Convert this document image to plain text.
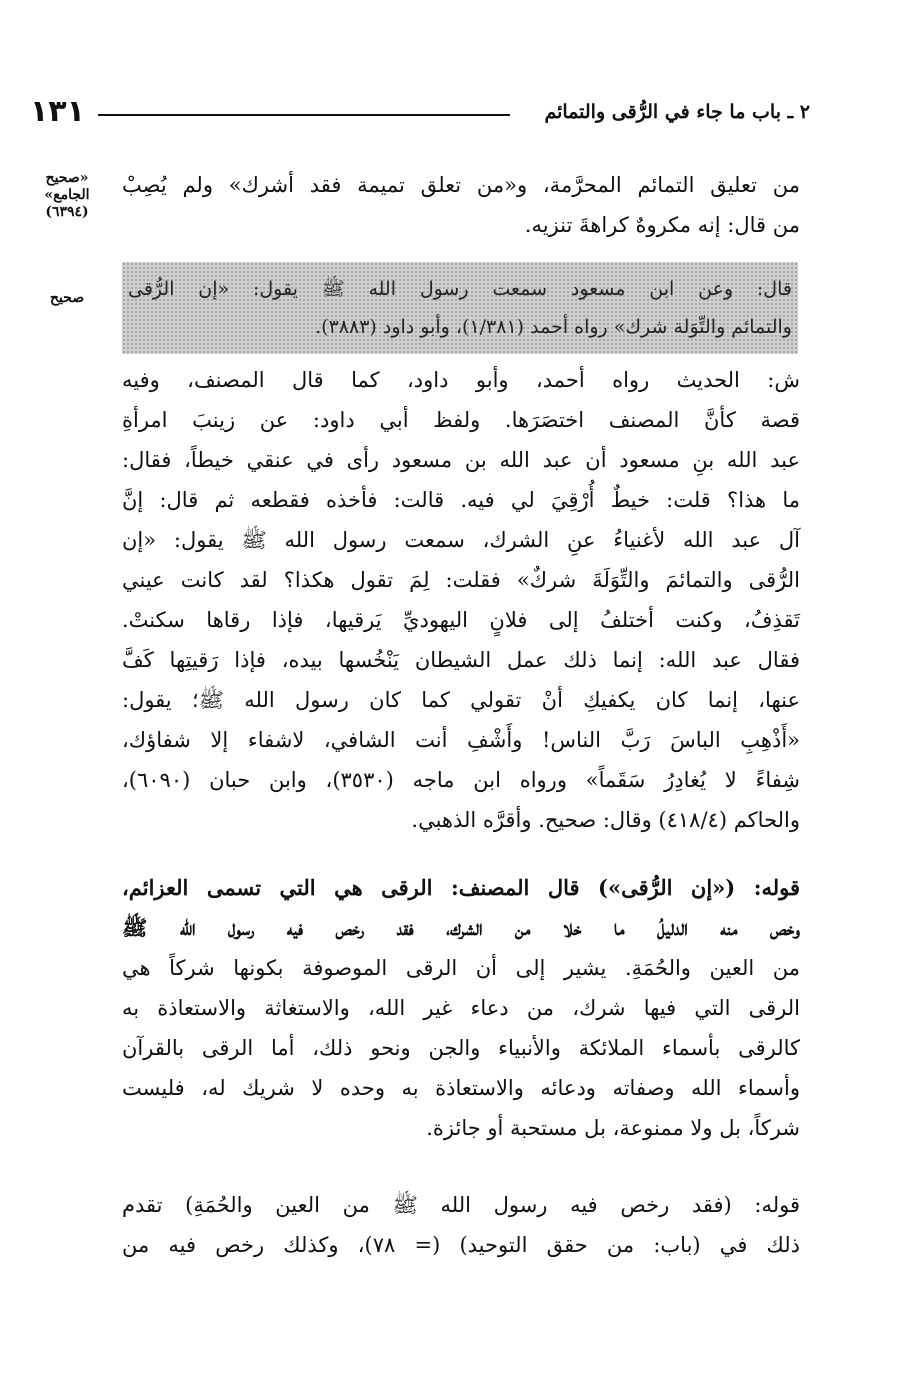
١٣١	٢ ـ باب ما جاء في الرُّقى والتمائم
«صحيح
الجامع»
(٦٣٩٤)
صحيح
من تعليق التمائم المحرَّمة، و«من تعلق تميمة فقد أشرك» ولم يُصِبْ
من قال: إنه مكروهٌ كراهةَ تنزيه.
قال: وعن ابن مسعود سمعت رسول الله ﷺ يقول: «إن الرُّقى
والتمائم والتِّوَلة شرك» رواه أحمد (١/٣٨١)، وأبو داود (٣٨٨٣).
ش: الحديث رواه أحمد، وأبو داود، كما قال المصنف، وفيه
قصة كأنَّ المصنف اختصَرَها. ولفظ أبي داود: عن زينبَ امرأةِ
عبد الله بنِ مسعود أن عبد الله بن مسعود رأى في عنقي خيطاً، فقال:
ما هذا؟ قلت: خيطٌ أُرْقِيَ لي فيه. قالت: فأخذه فقطعه ثم قال: إنَّ
آل عبد الله لأغنياءُ عنِ الشرك، سمعت رسول الله ﷺ يقول: «إن
الرُّقى والتمائمَ والتِّوَلَةَ شركٌ» فقلت: لِمَ تقول هكذا؟ لقد كانت عيني
تَقذِفُ، وكنت أختلفُ إلى فلانٍ اليهوديِّ يَرقيها، فإذا رقاها سكنتْ.
فقال عبد الله: إنما ذلك عمل الشيطان يَنْخُسها بيده، فإذا رَقيتِها كَفَّ
عنها، إنما كان يكفيكِ أنْ تقولي كما كان رسول الله ﷺ؛ يقول:
«أَذْهِبِ الباسَ رَبَّ الناس! وأَشْفِ أنت الشافي، لاشفاء إلا شفاؤك،
شِفاءً لا يُغادِرُ سَقَماً» ورواه ابن ماجه (٣٥٣٠)، وابن حبان (٦٠٩٠)،
والحاكم (٤١٨/٤) وقال: صحيح. وأقرَّه الذهبي.
قوله: («إن الرُّقى») قال المصنف: الرقى هي التي تسمى العزائم،
وخص منه الدليلُ ما خلا من الشرك، فقد رخص فيه رسول الله ﷺ
من العين والحُمَةِ. يشير إلى أن الرقى الموصوفة بكونها شركاً هي
الرقى التي فيها شرك، من دعاء غير الله، والاستغاثة والاستعاذة به
كالرقى بأسماء الملائكة والأنبياء والجن ونحو ذلك، أما الرقى بالقرآن
وأسماء الله وصفاته ودعائه والاستعاذة به وحده لا شريك له، فليست
شركاً، بل ولا ممنوعة، بل مستحبة أو جائزة.
قوله: (فقد رخص فيه رسول الله ﷺ من العين والحُمَةِ) تقدم
ذلك في (باب: من حقق التوحيد) (= ٧٨)، وكذلك رخص فيه من
